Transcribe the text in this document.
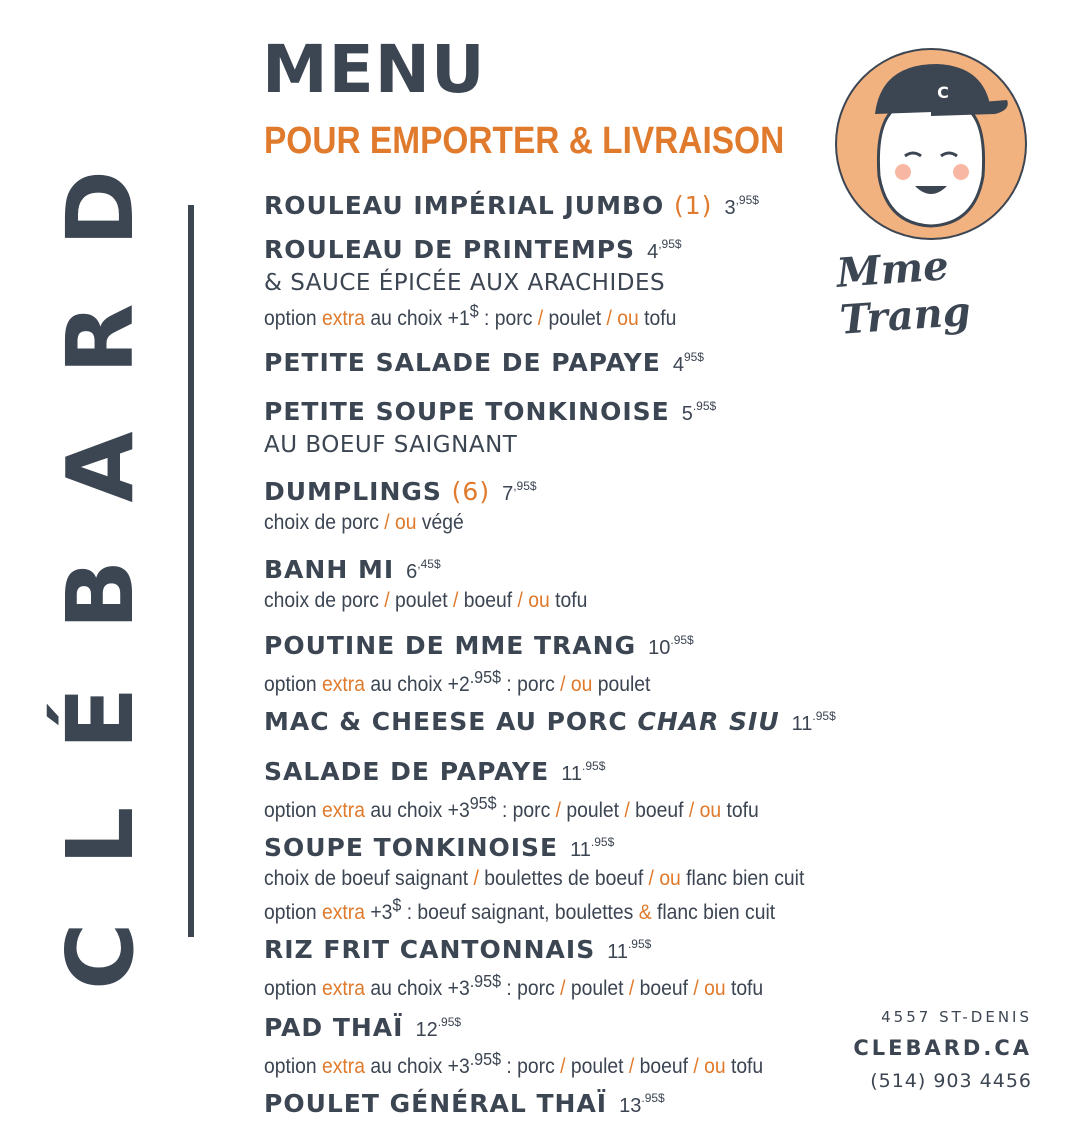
CLÉBARD
MENU
POUR EMPORTER & LIVRAISON
C
Mme Trang
ROULEAU IMPÉRIAL JUMBO (1) $3^{,95\$}$
ROULEAU DE PRINTEMPS $4^{,95\$}$
& SAUCE ÉPICÉE AUX ARACHIDES
option extra au choix +1$ : porc / poulet / ou tofu
PETITE SALADE DE PAPAYE $4^{95\$}$
PETITE SOUPE TONKINOISE $5^{.95\$}$
AU BOEUF SAIGNANT
DUMPLINGS (6) $7^{,95\$}$
choix de porc / ou végé
BANH MI $6^{,45\$}$
choix de porc / poulet / boeuf / ou tofu
POUTINE DE MME TRANG $10^{.95\$}$
option extra au choix $+2^{.95\$}$ : porc / ou poulet
MAC & CHEESE AU PORC CHAR SIU $11^{.95\$}$
SALADE DE PAPAYE $11^{.95\$}$
option extra au choix $+3^{95\$}$ : porc / poulet / boeuf / ou tofu
SOUPE TONKINOISE $11^{.95\$}$
choix de boeuf saignant / boulettes de boeuf / ou flanc bien cuit
option extra +3$ : boeuf saignant, boulettes & flanc bien cuit
RIZ FRIT CANTONNAIS $11^{.95\$}$
option extra au choix $+3^{.95\$}$ : porc / poulet / boeuf / ou tofu
PAD THAÏ $12^{.95\$}$
option extra au choix $+3^{.95\$}$ : porc / poulet / boeuf / ou tofu
POULET GÉNÉRAL THAÏ $13^{.95\$}$
4557 ST-DENIS
CLEBARD.CA
(514) 903 4456
